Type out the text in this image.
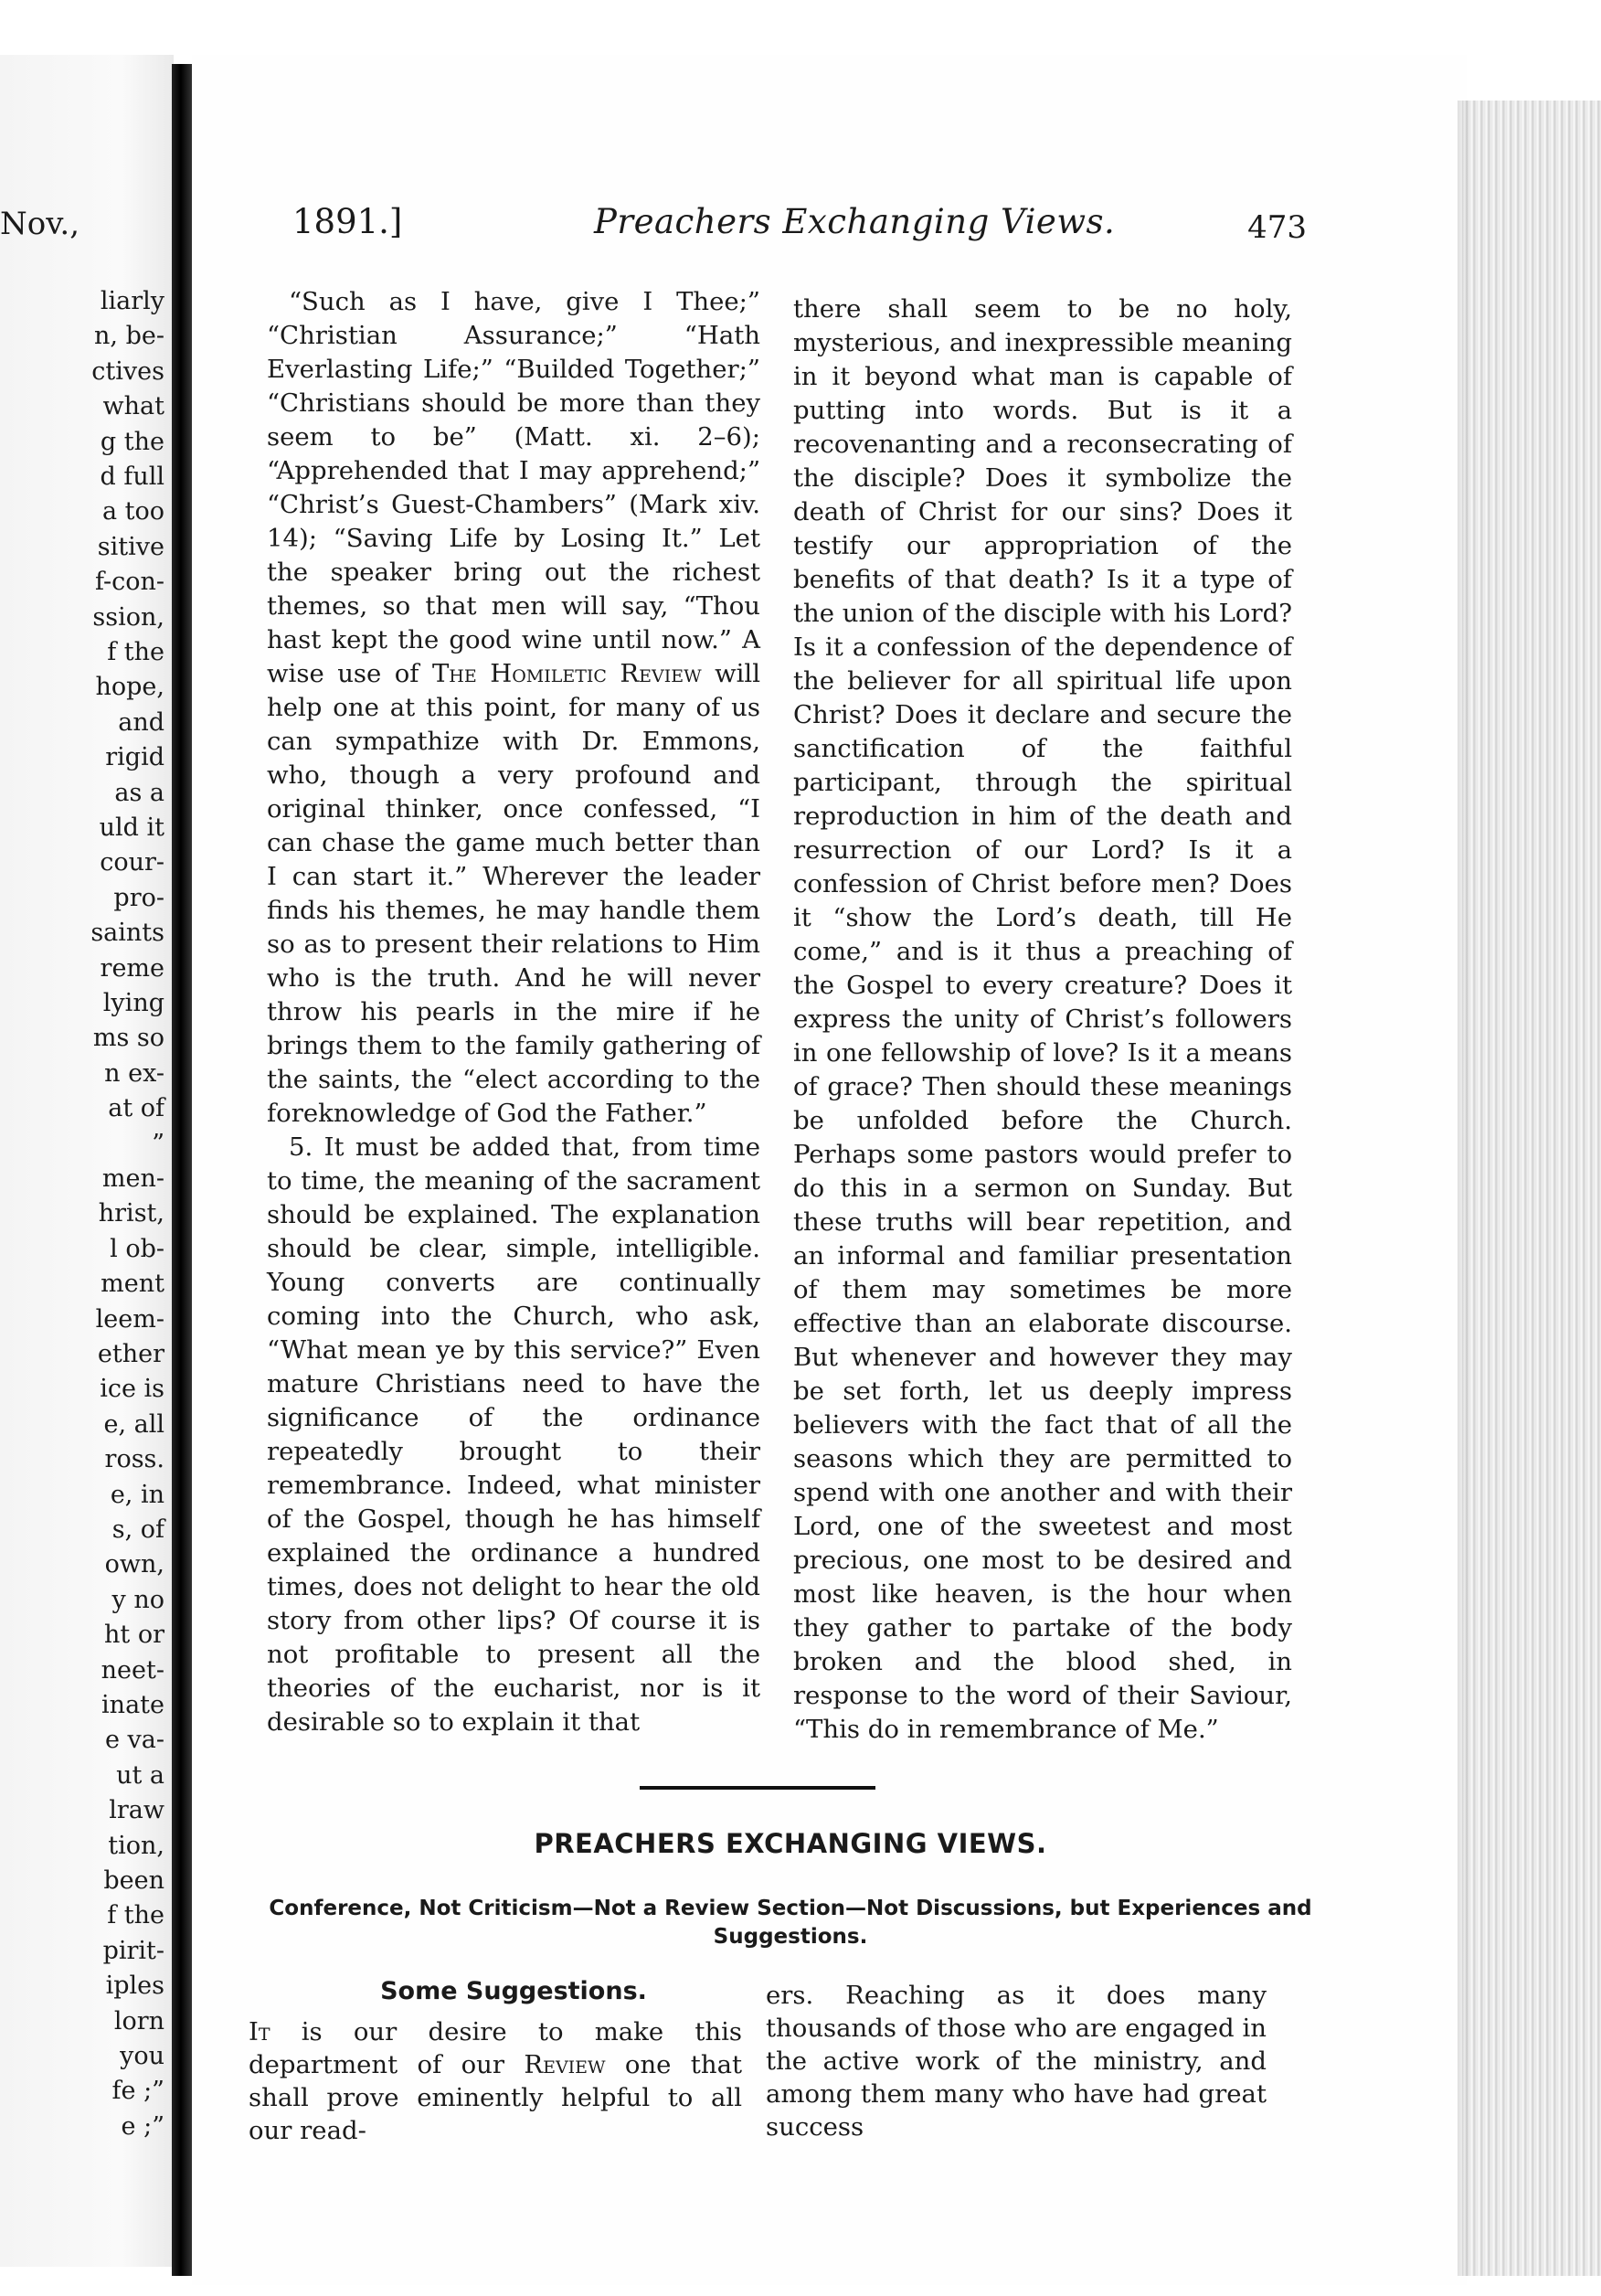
Nov.,
liarly
n, be-
ctives
what
g the
d full
a too
sitive
f-con-
ssion,
f the
hope,
and
rigid
as a
uld it
cour-
pro-
saints
reme
lying
ms so
n ex-
at of
”
men-
hrist,
l ob-
ment
leem-
ether
ice is
e, all
ross.
e, in
s, of
own,
y no
ht or
neet-
inate
e va-
ut a
lraw
tion,
been
f the
pirit-
iples
lorn
you
fe ;”
e ;”
1891.]	Preachers Exchanging Views.	473

“Such as I have, give I Thee;” “Christian Assurance;” “Hath Everlasting Life;” “Builded Together;” “Christians should be more than they seem to be” (Matt. xi. 2–6); “Apprehended that I may apprehend;” “Christ’s Guest-Chambers” (Mark xiv. 14); “Saving Life by Losing It.” Let the speaker bring out the richest themes, so that men will say, “Thou hast kept the good wine until now.” A wise use of The Homiletic Review will help one at this point, for many of us can sympathize with Dr. Emmons, who, though a very profound and original thinker, once confessed, “I can chase the game much better than I can start it.” Wherever the leader finds his themes, he may handle them so as to present their relations to Him who is the truth. And he will never throw his pearls in the mire if he brings them to the family gathering of the saints, the “elect according to the foreknowledge of God the Father.”

5. It must be added that, from time to time, the meaning of the sacrament should be explained. The explanation should be clear, simple, intelligible. Young converts are continually coming into the Church, who ask, “What mean ye by this service?” Even mature Christians need to have the significance of the ordinance repeatedly brought to their remembrance. Indeed, what minister of the Gospel, though he has himself explained the ordinance a hundred times, does not delight to hear the old story from other lips? Of course it is not profitable to present all the theories of the eucharist, nor is it desirable so to explain it that

there shall seem to be no holy, mysterious, and inexpressible meaning in it beyond what man is capable of putting into words. But is it a recovenanting and a reconsecrating of the disciple? Does it symbolize the death of Christ for our sins? Does it testify our appropriation of the benefits of that death? Is it a type of the union of the disciple with his Lord? Is it a confession of the dependence of the believer for all spiritual life upon Christ? Does it declare and secure the sanctification of the faithful participant, through the spiritual reproduction in him of the death and resurrection of our Lord? Is it a confession of Christ before men? Does it “show the Lord’s death, till He come,” and is it thus a preaching of the Gospel to every creature? Does it express the unity of Christ’s followers in one fellowship of love? Is it a means of grace? Then should these meanings be unfolded before the Church. Perhaps some pastors would prefer to do this in a sermon on Sunday. But these truths will bear repetition, and an informal and familiar presentation of them may sometimes be more effective than an elaborate discourse. But whenever and however they may be set forth, let us deeply impress believers with the fact that of all the seasons which they are permitted to spend with one another and with their Lord, one of the sweetest and most precious, one most to be desired and most like heaven, is the hour when they gather to partake of the body broken and the blood shed, in response to the word of their Saviour, “This do in remembrance of Me.”

PREACHERS EXCHANGING VIEWS.
Conference, Not Criticism—Not a Review Section—Not Discussions, but Experiences and Suggestions.
Some Suggestions.

It is our desire to make this department of our Review one that shall prove eminently helpful to all our read-

ers. Reaching as it does many thousands of those who are engaged in the active work of the ministry, and among them many who have had great success
